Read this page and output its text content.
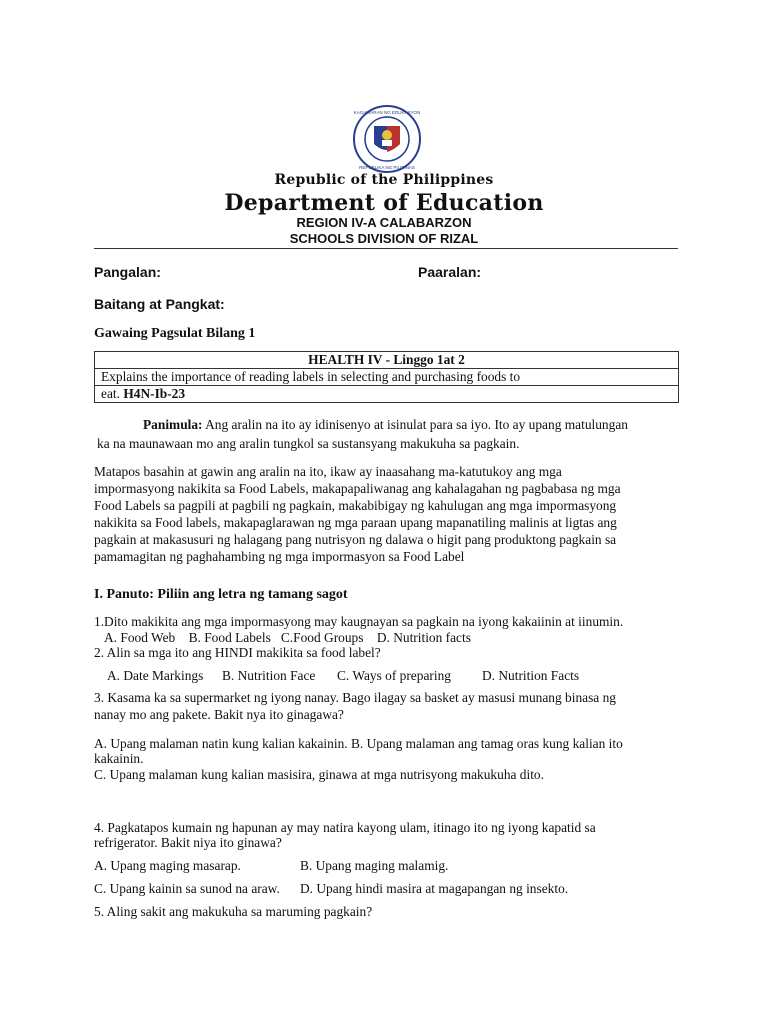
KAGAWARAN NG EDUKASYON
REPUBLIKA NG PILIPINAS
Republic of the Philippines
Department of Education
REGION IV-A CALABARZON
SCHOOLS DIVISION OF RIZAL
Pangalan:	Paaralan:
Baitang at Pangkat:
Gawaing Pagsulat Bilang 1
HEALTH IV - Linggo 1at 2
Explains the importance of reading labels in selecting and purchasing foods to
eat. H4N-Ib-23
Panimula: Ang aralin na ito ay idinisenyo at isinulat para sa iyo. Ito ay upang matulungan
ka na maunawaan mo ang aralin tungkol sa sustansyang makukuha sa pagkain.
Matapos basahin at gawin ang aralin na ito, ikaw ay inaasahang ma-katutukoy ang mga
impormasyong nakikita sa Food Labels, makapapaliwanag ang kahalagahan ng pagbabasa ng mga
Food Labels sa pagpili at pagbili ng pagkain, makabibigay ng kahulugan ang mga impormasyong
nakikita sa Food labels, makapaglarawan ng mga paraan upang mapanatiling malinis at ligtas ang
pagkain at makasusuri ng halagang pang nutrisyon ng dalawa o higit pang produktong pagkain sa
pamamagitan ng paghahambing ng mga impormasyon sa Food Label
I. Panuto: Piliin ang letra ng tamang sagot
1.Dito makikita ang mga impormasyong may kaugnayan sa pagkain na iyong kakaiinin at iinumin.
A. Food Web B. Food Labels C.Food Groups D. Nutrition facts
2. Alin sa mga ito ang HINDI makikita sa food label?
A. Date Markings B. Nutrition Face C. Ways of preparing D. Nutrition Facts
3. Kasama ka sa supermarket ng iyong nanay. Bago ilagay sa basket ay masusi munang binasa ng
nanay mo ang pakete. Bakit nya ito ginagawa?
A. Upang malaman natin kung kalian kakainin. B. Upang malaman ang tamag oras kung kalian ito
kakainin.
C. Upang malaman kung kalian masisira, ginawa at mga nutrisyong makukuha dito.
4. Pagkatapos kumain ng hapunan ay may natira kayong ulam, itinago ito ng iyong kapatid sa
refrigerator. Bakit niya ito ginawa?
A. Upang maging masarap.	B. Upang maging malamig.
C. Upang kainin sa sunod na araw. D. Upang hindi masira at magapangan ng insekto.
5. Aling sakit ang makukuha sa maruming pagkain?
